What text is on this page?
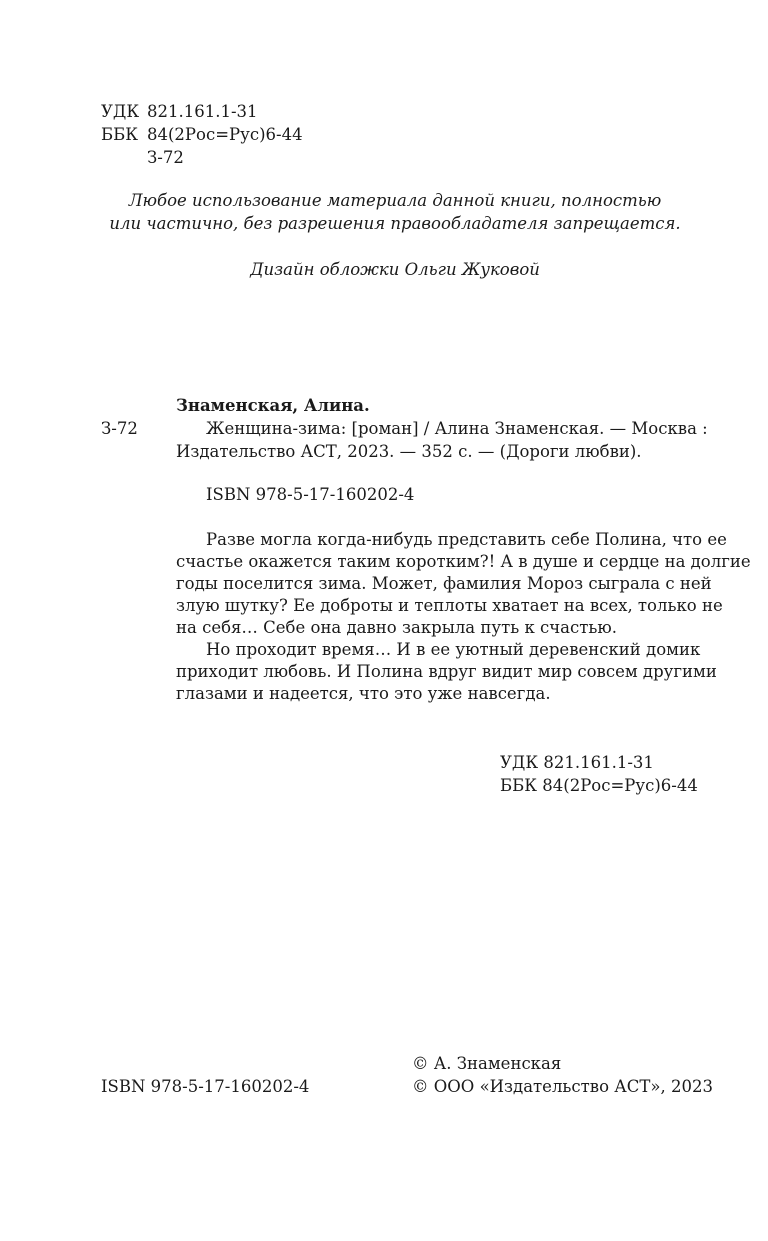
УДК 821.161.1-31
ББК 84(2Рос=Рус)6-44
З-72
Любое использование материала данной книги, полностью
или частично, без разрешения правообладателя запрещается.
Дизайн обложки Ольги Жуковой
Знаменская, Алина.
З-72	Женщина-зима: [роман] / Алина Знаменская. — Москва :
Издательство АСТ, 2023. — 352 с. — (Дороги любви).
ISBN 978-5-17-160202-4
Разве могла когда-нибудь представить себе Полина, что ее
счастье окажется таким коротким?! А в душе и сердце на долгие
годы поселится зима. Может, фамилия Мороз сыграла с ней
злую шутку? Ее доброты и теплоты хватает на всех, только не
на себя… Себе она давно закрыла путь к счастью.
Но проходит время… И в ее уютный деревенский домик
приходит любовь. И Полина вдруг видит мир совсем другими
глазами и надеется, что это уже навсегда.
УДК 821.161.1-31
ББК 84(2Рос=Рус)6-44
© А. Знаменская
ISBN 978-5-17-160202-4	© ООО «Издательство АСТ», 2023
